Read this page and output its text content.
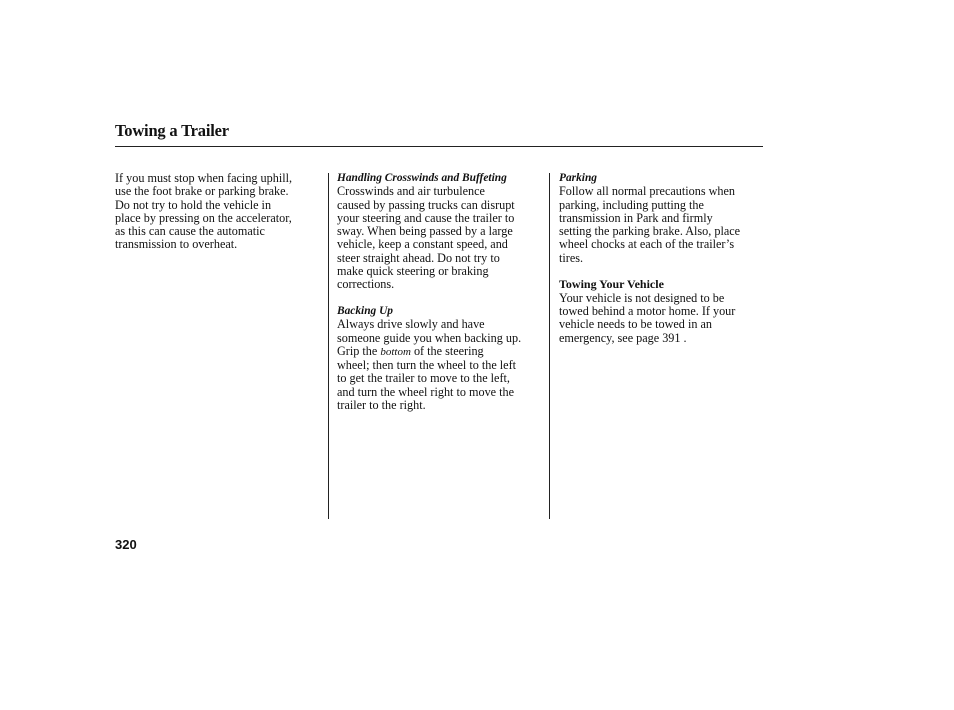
Towing a Trailer

If you must stop when facing uphill,

use the foot brake or parking brake.

Do not try to hold the vehicle in

place by pressing on the accelerator,

as this can cause the automatic

transmission to overheat.

Handling Crosswinds and Buffeting

Crosswinds and air turbulence

caused by passing trucks can disrupt

your steering and cause the trailer to

sway. When being passed by a large

vehicle, keep a constant speed, and

steer straight ahead. Do not try to

make quick steering or braking

corrections.

Backing Up

Always drive slowly and have

someone guide you when backing up.

Grip the bottom of the steering

wheel; then turn the wheel to the left

to get the trailer to move to the left,

and turn the wheel right to move the

trailer to the right.

Parking

Follow all normal precautions when

parking, including putting the

transmission in Park and firmly

setting the parking brake. Also, place

wheel chocks at each of the trailer’s

tires.

Towing Your Vehicle

Your vehicle is not designed to be

towed behind a motor home. If your

vehicle needs to be towed in an

emergency, see page 391 .

320
